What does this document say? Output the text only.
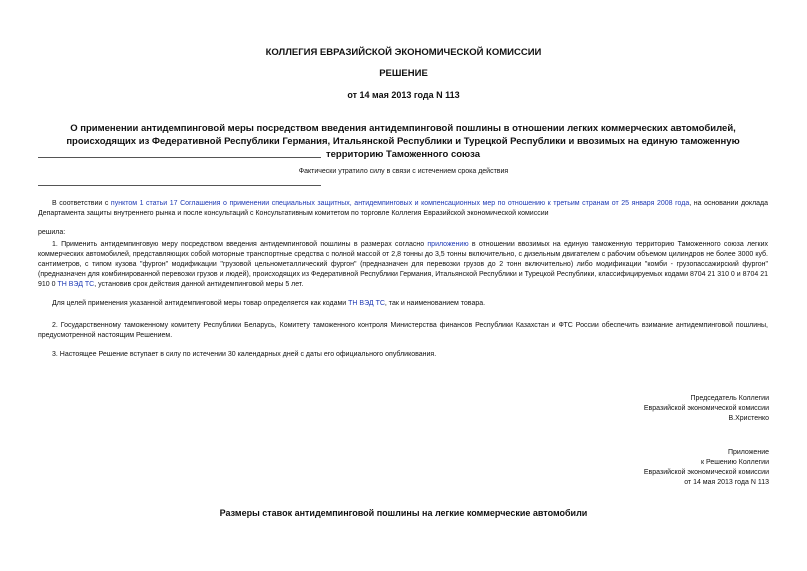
КОЛЛЕГИЯ ЕВРАЗИЙСКОЙ ЭКОНОМИЧЕСКОЙ КОМИССИИ
РЕШЕНИЕ
от 14 мая 2013 года N 113
О применении антидемпинговой меры посредством введения антидемпинговой пошлины в отношении легких коммерческих автомобилей, происходящих из Федеративной Республики Германия, Итальянской Республики и Турецкой Республики и ввозимых на единую таможенную территорию Таможенного союза
Фактически утратило силу в связи с истечением срока действия
В соответствии с пунктом 1 статьи 17 Соглашения о применении специальных защитных, антидемпинговых и компенсационных мер по отношению к третьим странам от 25 января 2008 года, на основании доклада Департамента защиты внутреннего рынка и после консультаций с Консультативным комитетом по торговле Коллегия Евразийской экономической комиссии
решила:
1. Применить антидемпинговую меру посредством введения антидемпинговой пошлины в размерах согласно приложению в отношении ввозимых на единую таможенную территорию Таможенного союза легких коммерческих автомобилей, представляющих собой моторные транспортные средства с полной массой от 2,8 тонны до 3,5 тонны включительно, с дизельным двигателем с рабочим объемом цилиндров не более 3000 куб. сантиметров, с типом кузова "фургон" модификации "грузовой цельнометаллический фургон" (предназначен для перевозки грузов до 2 тонн включительно) либо модификации "комби - грузопассажирский фургон" (предназначен для комбинированной перевозки грузов и людей), происходящих из Федеративной Республики Германия, Итальянской Республики и Турецкой Республики, классифицируемых кодами 8704 21 310 0 и 8704 21 910 0 ТН ВЭД ТС, установив срок действия данной антидемпинговой меры 5 лет.
Для целей применения указанной антидемпинговой меры товар определяется как кодами ТН ВЭД ТС, так и наименованием товара.
2. Государственному таможенному комитету Республики Беларусь, Комитету таможенного контроля Министерства финансов Республики Казахстан и ФТС России обеспечить взимание антидемпинговой пошлины, предусмотренной настоящим Решением.
3. Настоящее Решение вступает в силу по истечении 30 календарных дней с даты его официального опубликования.
Председатель Коллегии
Евразийской экономической комиссии
В.Христенко
Приложение
к Решению Коллегии
Евразийской экономической комиссии
от 14 мая 2013 года N 113
Размеры ставок антидемпинговой пошлины на легкие коммерческие автомобили
